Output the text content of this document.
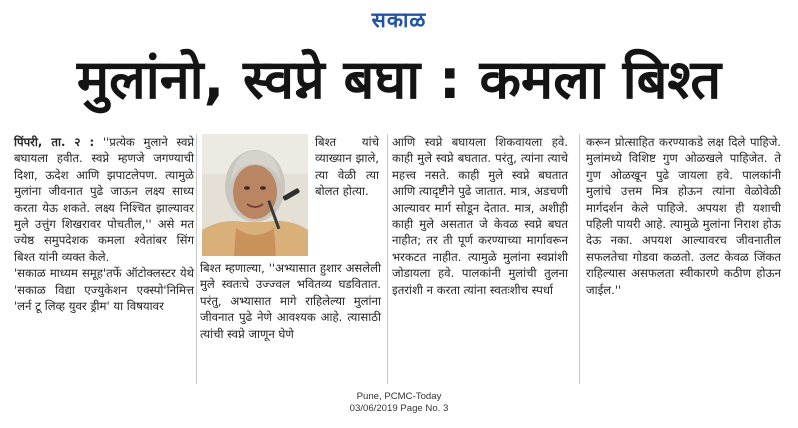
सकाळ
मुलांनो, स्वप्ने बघा : कमला बिश्त

पिंपरी, ता. २ : ''प्रत्येक मुलाने स्वप्ने बघायला हवीत. स्वप्ने म्हणजे जगण्याची दिशा, ऊदेश आणि झपाटलेपण. त्यामुळे मुलांना जीवनात पुढे जाऊन लक्ष्य साध्य करता येऊ शकते. लक्ष्य निश्चित झाल्यावर मुले उत्तुंग शिखरावर पोचतील,'' असे मत ज्येष्ठ समुपदेशक कमला श्वेतांबर सिंग बिश्त यांनी व्यक्त केले.

'सकाळ माध्यम समूह'तर्फे ऑटोक्लस्टर येथे 'सकाळ विद्या एज्युकेशन एक्स्पो'निमित्त 'लर्न टू लिव्ह युवर ड्रीम' या विषयावर

बिश्त यांचे व्याख्यान झाले, त्या वेळी त्या बोलत होत्या.
बिश्त म्हणाल्या, ''अभ्यासात हुशार असलेली मुले स्वतःचे उज्ज्वल भवितव्य घडवितात. परंतु, अभ्यासात मागे राहिलेल्या मुलांना जीवनात पुढे नेणे आवश्यक आहे. त्यासाठी त्यांची स्वप्ने जाणून घेणे
आणि स्वप्ने बघायला शिकवायला हवे. काही मुले स्वप्ने बघतात. परंतु, त्यांना त्याचे महत्त्व नसते. काही मुले स्वप्ने बघतात आणि त्यादृष्टीने पुढे जातात. मात्र, अडचणी आल्यावर मार्ग सोडून देतात. मात्र, अशीही काही मुले असतात जे केवळ स्वप्ने बघत नाहीत; तर ती पूर्ण करण्याच्या मार्गावरून भरकटत नाहीत. त्यामुळे मुलांना स्वप्नांशी जोडायला हवे. पालकांनी मुलांची तुलना इतरांशी न करता त्यांना स्वतःशीच स्पर्धा
करून प्रोत्साहित करण्याकडे लक्ष दिले पाहिजे. मुलांमध्ये विशिष्ट गुण ओळखले पाहिजेत. ते गुण ओळखून पुढे जायला हवे. पालकांनी मुलांचे उत्तम मित्र होऊन त्यांना वेळोवेळी मार्गदर्शन केले पाहिजे. अपयश ही यशाची पहिली पायरी आहे. त्यामुळे मुलांना निराश होऊ देऊ नका. अपयश आल्यावरच जीवनातील सफलतेचा गोडवा कळतो. उलट केवळ जिंकत राहिल्यास असफलता स्वीकारणे कठीण होऊन जाईल.''
Pune, PCMC-Today
03/06/2019 Page No. 3
